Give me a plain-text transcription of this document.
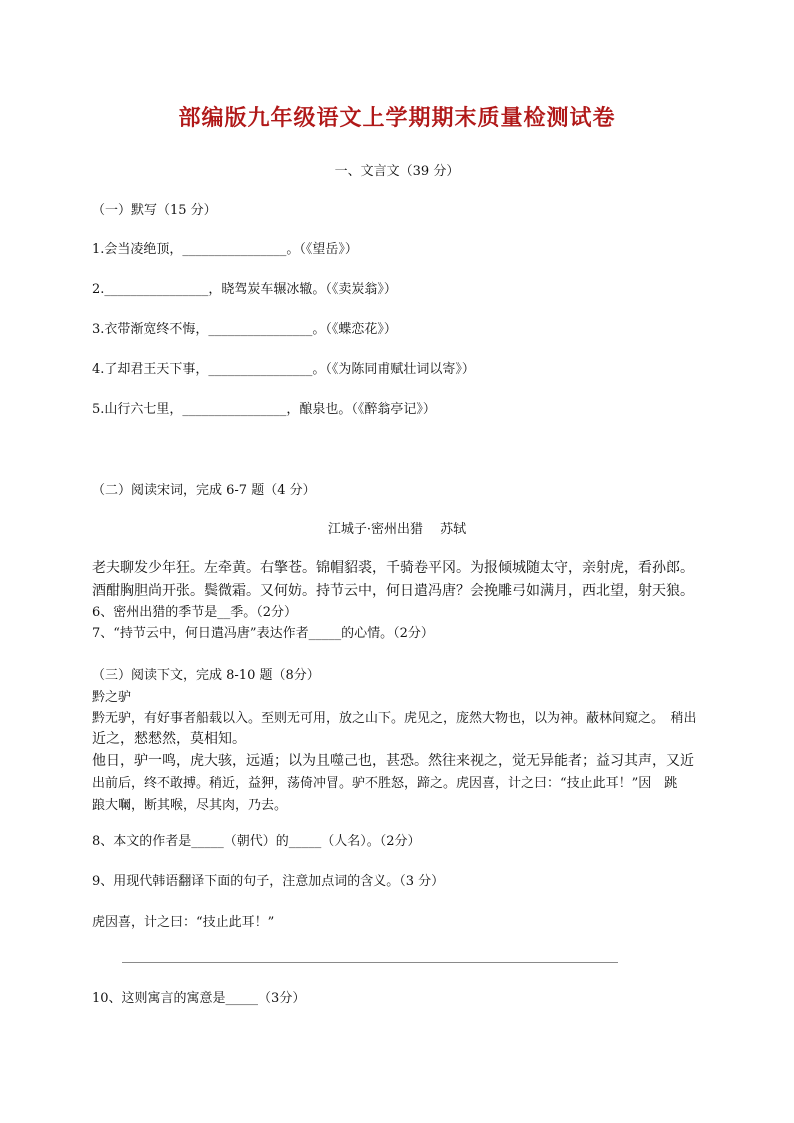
部编版九年级语文上学期期末质量检测试卷
一、文言文（39 分）
（一）默写（15 分）
1.会当凌绝顶，________________。（《望岳》）
2.________________，晓驾炭车辗冰辙。（《卖炭翁》）
3.衣带渐宽终不悔，________________。（《蝶恋花》）
4.了却君王天下事，________________。（《为陈同甫赋壮词以寄》）
5.山行六七里，________________，酿泉也。（《醉翁亭记》）
（二）阅读宋词，完成 6-7 题（4 分）
江城子·密州出猎　 苏轼
老夫聊发少年狂。左牵黄。右擎苍。锦帽貂裘，千骑卷平冈。为报倾城随太守，亲射虎，看孙郎。
酒酣胸胆尚开张。鬓微霜。又何妨。持节云中，何日遣冯唐？会挽雕弓如满月，西北望，射天狼。
6、密州出猎的季节是__季。（2分）
7、“持节云中，何日遣冯唐”表达作者_____的心情。（2分）
（三）阅读下文，完成 8-10 题（8分）
黔之驴
黔无驴，有好事者船载以入。至则无可用，放之山下。虎见之，庞然大物也，以为神。蔽林间窥之。　稍出
近之，憖憖然，莫相知。
他日，驴一鸣，虎大骇，远遁；以为且噬己也，甚恐。然往来视之，觉无异能者；益习其声，又近
出前后，终不敢搏。稍近，益狎，荡倚冲冒。驴不胜怒，蹄之。虎因喜，计之曰：“技止此耳！”因　跳
踉大㘎，断其喉，尽其肉，乃去。
8、本文的作者是_____（朝代）的_____（人名）。（2分）
9、用现代韩语翻译下面的句子，注意加点词的含义。（3 分）
虎因喜，计之曰：“技止此耳！”
10、这则寓言的寓意是_____（3分）
